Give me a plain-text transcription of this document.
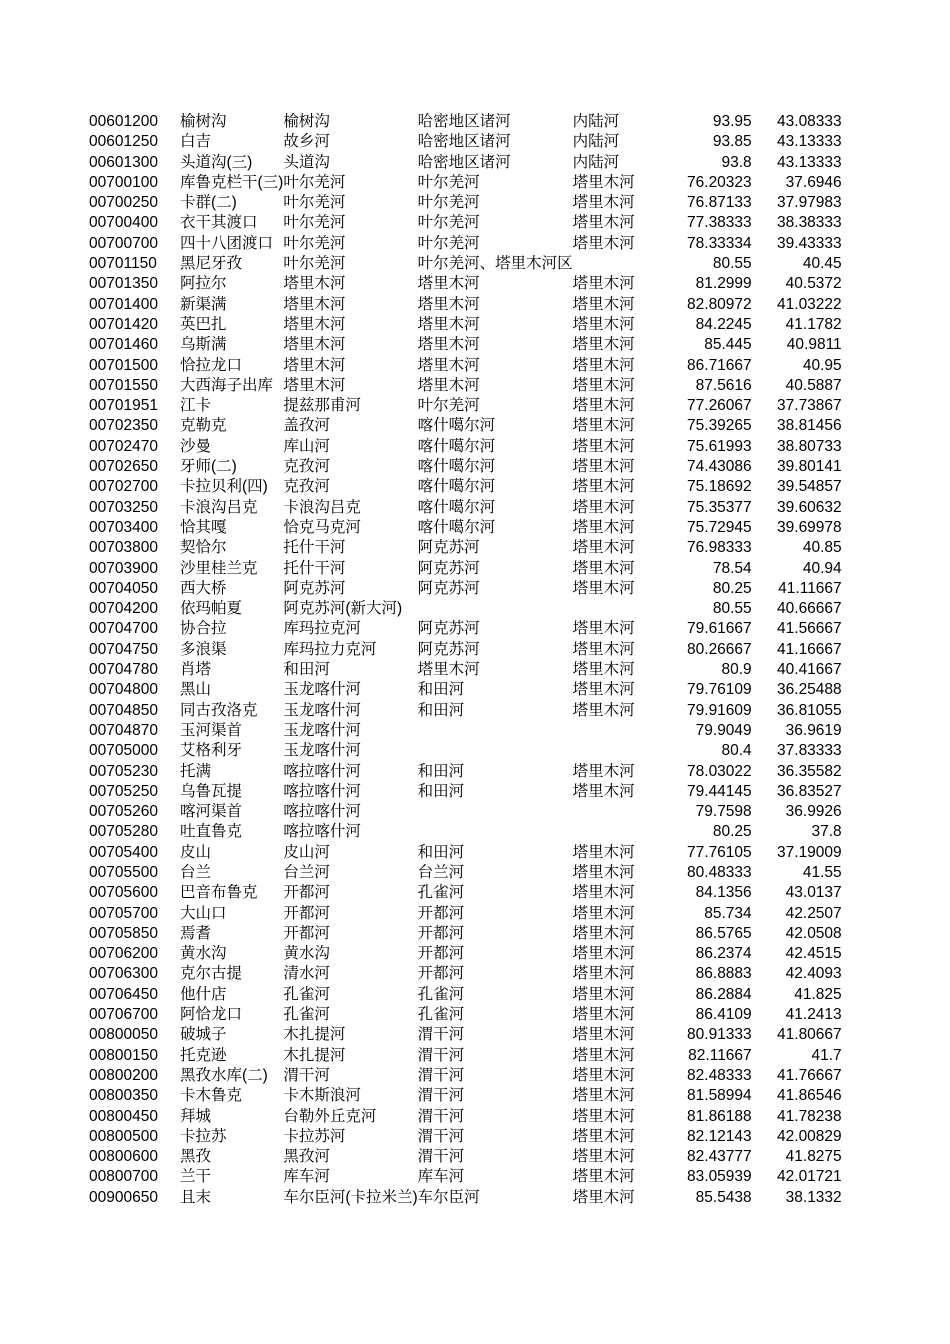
00601200	榆树沟	榆树沟	哈密地区诸河	内陆河	93.95	43.08333
00601250	白吉	故乡河	哈密地区诸河	内陆河	93.85	43.13333
00601300	头道沟(三)	头道沟	哈密地区诸河	内陆河	93.8	43.13333
00700100	库鲁克栏干(三)	叶尔羌河	叶尔羌河	塔里木河	76.20323	37.6946
00700250	卡群(二)	叶尔羌河	叶尔羌河	塔里木河	76.87133	37.97983
00700400	衣干其渡口	叶尔羌河	叶尔羌河	塔里木河	77.38333	38.38333
00700700	四十八团渡口	叶尔羌河	叶尔羌河	塔里木河	78.33334	39.43333
00701150	黑尼牙孜	叶尔羌河	叶尔羌河、塔里木河区		80.55	40.45
00701350	阿拉尔	塔里木河	塔里木河	塔里木河	81.2999	40.5372
00701400	新渠满	塔里木河	塔里木河	塔里木河	82.80972	41.03222
00701420	英巴扎	塔里木河	塔里木河	塔里木河	84.2245	41.1782
00701460	乌斯满	塔里木河	塔里木河	塔里木河	85.445	40.9811
00701500	恰拉龙口	塔里木河	塔里木河	塔里木河	86.71667	40.95
00701550	大西海子出库	塔里木河	塔里木河	塔里木河	87.5616	40.5887
00701951	江卡	提兹那甫河	叶尔羌河	塔里木河	77.26067	37.73867
00702350	克勒克	盖孜河	喀什噶尔河	塔里木河	75.39265	38.81456
00702470	沙曼	库山河	喀什噶尔河	塔里木河	75.61993	38.80733
00702650	牙师(二)	克孜河	喀什噶尔河	塔里木河	74.43086	39.80141
00702700	卡拉贝利(四)	克孜河	喀什噶尔河	塔里木河	75.18692	39.54857
00703250	卡浪沟吕克	卡浪沟吕克	喀什噶尔河	塔里木河	75.35377	39.60632
00703400	恰其嘎	恰克马克河	喀什噶尔河	塔里木河	75.72945	39.69978
00703800	契恰尔	托什干河	阿克苏河	塔里木河	76.98333	40.85
00703900	沙里桂兰克	托什干河	阿克苏河	塔里木河	78.54	40.94
00704050	西大桥	阿克苏河	阿克苏河	塔里木河	80.25	41.11667
00704200	依玛帕夏	阿克苏河(新大河)			80.55	40.66667
00704700	协合拉	库玛拉克河	阿克苏河	塔里木河	79.61667	41.56667
00704750	多浪渠	库玛拉力克河	阿克苏河	塔里木河	80.26667	41.16667
00704780	肖塔	和田河	塔里木河	塔里木河	80.9	40.41667
00704800	黑山	玉龙喀什河	和田河	塔里木河	79.76109	36.25488
00704850	同古孜洛克	玉龙喀什河	和田河	塔里木河	79.91609	36.81055
00704870	玉河渠首	玉龙喀什河			79.9049	36.9619
00705000	艾格利牙	玉龙喀什河			80.4	37.83333
00705230	托满	喀拉喀什河	和田河	塔里木河	78.03022	36.35582
00705250	乌鲁瓦提	喀拉喀什河	和田河	塔里木河	79.44145	36.83527
00705260	喀河渠首	喀拉喀什河			79.7598	36.9926
00705280	吐直鲁克	喀拉喀什河			80.25	37.8
00705400	皮山	皮山河	和田河	塔里木河	77.76105	37.19009
00705500	台兰	台兰河	台兰河	塔里木河	80.48333	41.55
00705600	巴音布鲁克	开都河	孔雀河	塔里木河	84.1356	43.0137
00705700	大山口	开都河	开都河	塔里木河	85.734	42.2507
00705850	焉耆	开都河	开都河	塔里木河	86.5765	42.0508
00706200	黄水沟	黄水沟	开都河	塔里木河	86.2374	42.4515
00706300	克尔古提	清水河	开都河	塔里木河	86.8883	42.4093
00706450	他什店	孔雀河	孔雀河	塔里木河	86.2884	41.825
00706700	阿恰龙口	孔雀河	孔雀河	塔里木河	86.4109	41.2413
00800050	破城子	木扎提河	渭干河	塔里木河	80.91333	41.80667
00800150	托克逊	木扎提河	渭干河	塔里木河	82.11667	41.7
00800200	黑孜水库(二)	渭干河	渭干河	塔里木河	82.48333	41.76667
00800350	卡木鲁克	卡木斯浪河	渭干河	塔里木河	81.58994	41.86546
00800450	拜城	台勒外丘克河	渭干河	塔里木河	81.86188	41.78238
00800500	卡拉苏	卡拉苏河	渭干河	塔里木河	82.12143	42.00829
00800600	黑孜	黑孜河	渭干河	塔里木河	82.43777	41.8275
00800700	兰干	库车河	库车河	塔里木河	83.05939	42.01721
00900650	且末	车尔臣河(卡拉米兰)	车尔臣河	塔里木河	85.5438	38.1332
